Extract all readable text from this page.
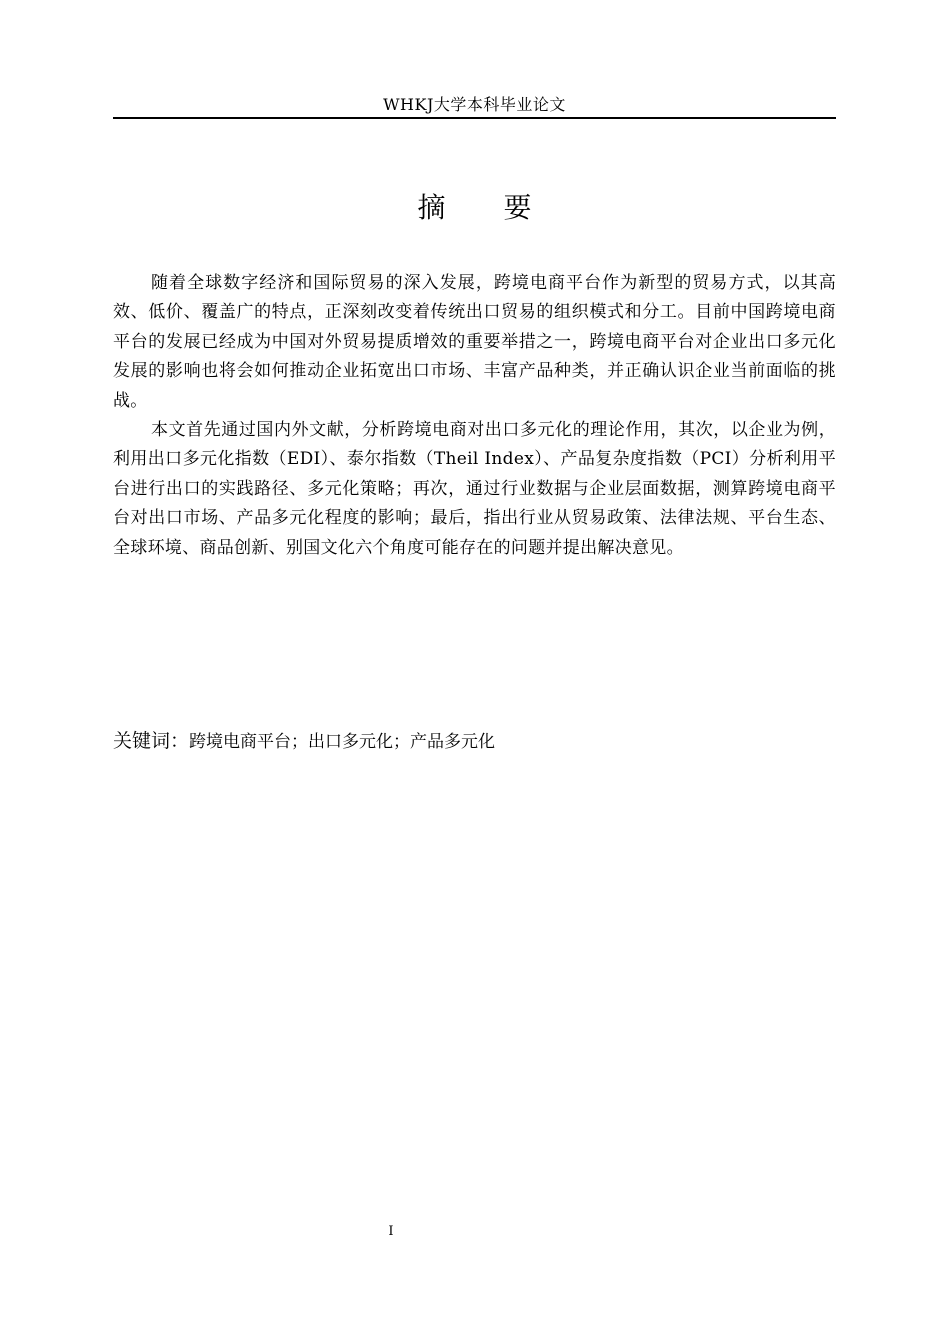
WHKJ大学本科毕业论文
摘 要

随着全球数字经济和国际贸易的深入发展，跨境电商平台作为新型的贸易方式，以其高效、低价、覆盖广的特点，正深刻改变着传统出口贸易的组织模式和分工。目前中国跨境电商平台的发展已经成为中国对外贸易提质增效的重要举措之一，跨境电商平台对企业出口多元化发展的影响也将会如何推动企业拓宽出口市场、丰富产品种类，并正确认识企业当前面临的挑战。

本文首先通过国内外文献，分析跨境电商对出口多元化的理论作用，其次，以企业为例，利用出口多元化指数（EDI）、泰尔指数（Theil Index）、产品复杂度指数（PCI）分析利用平台进行出口的实践路径、多元化策略；再次，通过行业数据与企业层面数据，测算跨境电商平台对出口市场、产品多元化程度的影响；最后，指出行业从贸易政策、法律法规、平台生态、全球环境、商品创新、别国文化六个角度可能存在的问题并提出解决意见。

关键词：跨境电商平台；出口多元化；产品多元化
I
